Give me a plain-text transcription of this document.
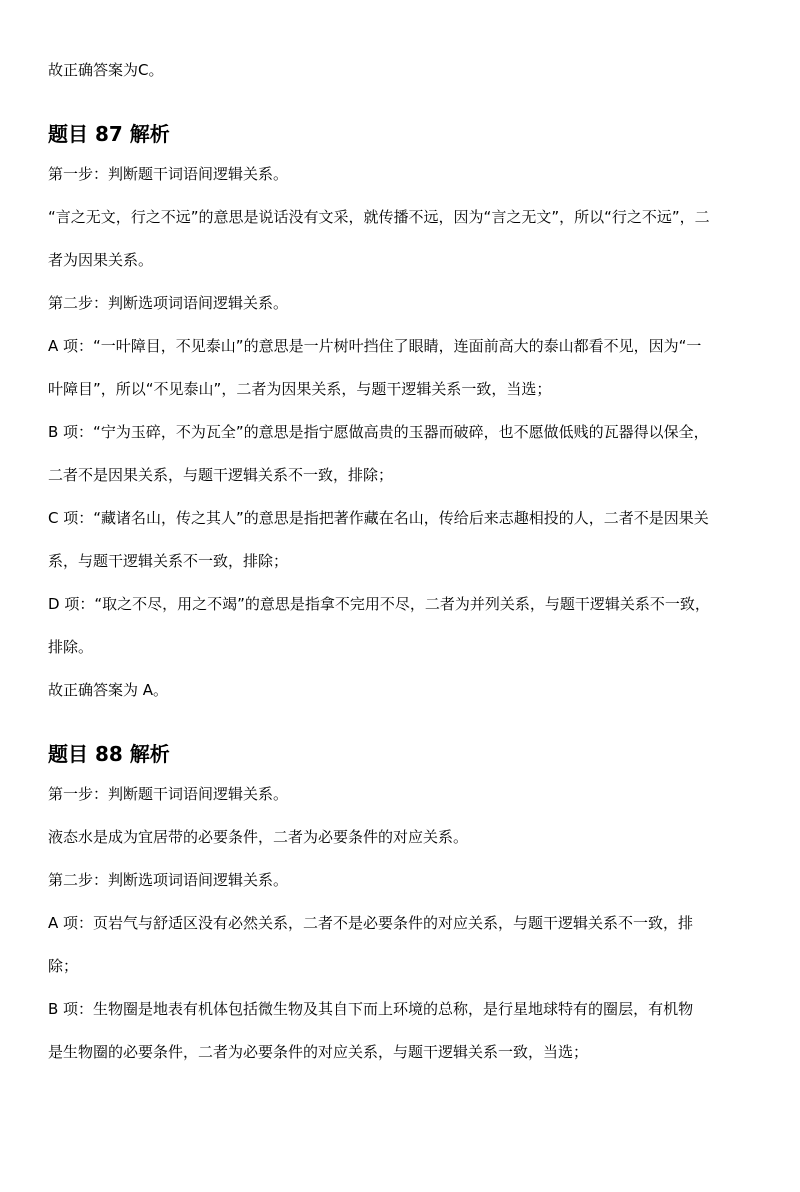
故正确答案为C。
题目 87 解析
第一步：判断题干词语间逻辑关系。
“言之无文，行之不远”的意思是说话没有文采，就传播不远，因为“言之无文”，所以“行之不远”，二
者为因果关系。
第二步：判断选项词语间逻辑关系。
A 项：“一叶障目，不见泰山”的意思是一片树叶挡住了眼睛，连面前高大的泰山都看不见，因为“一
叶障目”，所以“不见泰山”，二者为因果关系，与题干逻辑关系一致，当选；
B 项：“宁为玉碎，不为瓦全”的意思是指宁愿做高贵的玉器而破碎，也不愿做低贱的瓦器得以保全，
二者不是因果关系，与题干逻辑关系不一致，排除；
C 项：“藏诸名山，传之其人”的意思是指把著作藏在名山，传给后来志趣相投的人，二者不是因果关
系，与题干逻辑关系不一致，排除；
D 项：“取之不尽，用之不竭”的意思是指拿不完用不尽，二者为并列关系，与题干逻辑关系不一致，
排除。
故正确答案为 A。
题目 88 解析
第一步：判断题干词语间逻辑关系。
液态水是成为宜居带的必要条件，二者为必要条件的对应关系。
第二步：判断选项词语间逻辑关系。
A 项：页岩气与舒适区没有必然关系，二者不是必要条件的对应关系，与题干逻辑关系不一致，排
除；
B 项：生物圈是地表有机体包括微生物及其自下而上环境的总称，是行星地球特有的圈层，有机物
是生物圈的必要条件，二者为必要条件的对应关系，与题干逻辑关系一致，当选；
